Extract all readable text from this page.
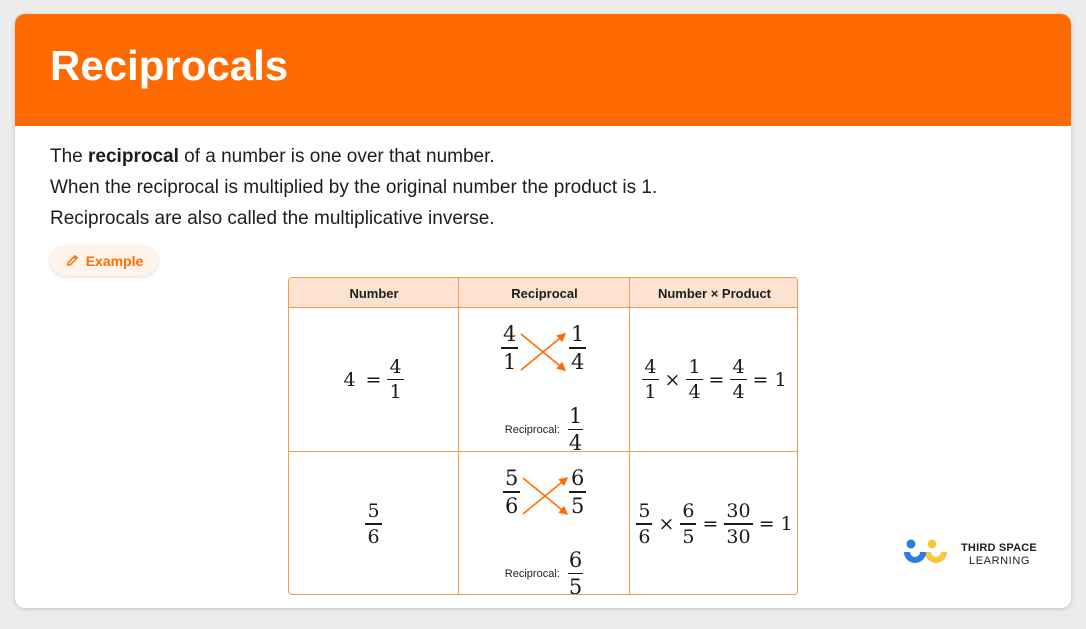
Reciprocals

The reciprocal of a number is one over that number.

When the reciprocal is multiplied by the original number the product is 1.

Reciprocals are also called the multiplicative inverse.

Example
Number	Reciprocal	Number × Product
$4 = \frac{4}{1}$
4
1
1
4
Reciprocal: $\frac{1}{4}$
$\frac{4}{1} \times \frac{1}{4} = \frac{4}{4} = 1$
$\frac{5}{6}$
5
6
6
5
Reciprocal: $\frac{6}{5}$
$\frac{5}{6} \times \frac{6}{5} = \frac{30}{30} = 1$
THIRD SPACE
LEARNING
